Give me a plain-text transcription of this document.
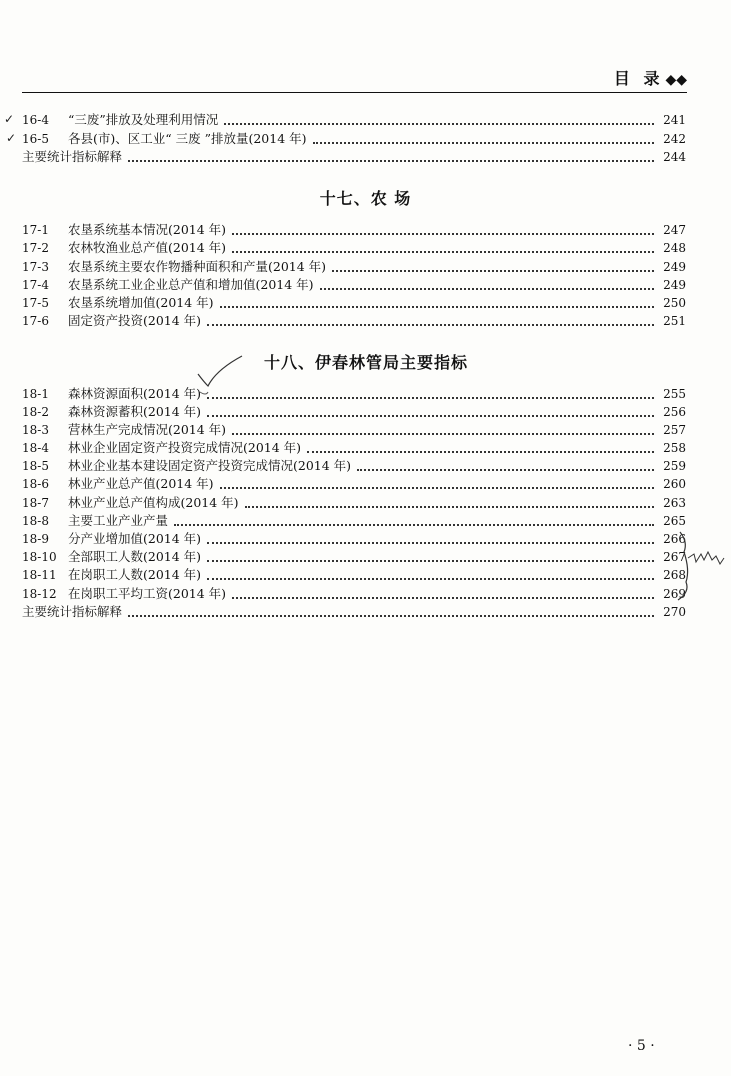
目 录 ◆◆
16-4	“三废”排放及处理利用情况	241
16-5	各县(市)、区工业“ 三废 ”排放量(2014 年)	242
主要统计指标解释	244
✓
✓
十七、农 场
17-1	农垦系统基本情况(2014 年)	247
17-2	农林牧渔业总产值(2014 年)	248
17-3	农垦系统主要农作物播种面积和产量(2014 年)	249
17-4	农垦系统工业企业总产值和增加值(2014 年)	249
17-5	农垦系统增加值(2014 年)	250
17-6	固定资产投资(2014 年)	251
十八、伊春林管局主要指标
18-1	森林资源面积(2014 年)	255
18-2	森林资源蓄积(2014 年)	256
18-3	营林生产完成情况(2014 年)	257
18-4	林业企业固定资产投资完成情况(2014 年)	258
18-5	林业企业基本建设固定资产投资完成情况(2014 年)	259
18-6	林业产业总产值(2014 年)	260
18-7	林业产业总产值构成(2014 年)	263
18-8	主要工业产业产量	265
18-9	分产业增加值(2014 年)	266
18-10 全部职工人数(2014 年)	267
18-11 在岗职工人数(2014 年)	268
18-12 在岗职工平均工资(2014 年)	269
主要统计指标解释	270
· 5 ·
